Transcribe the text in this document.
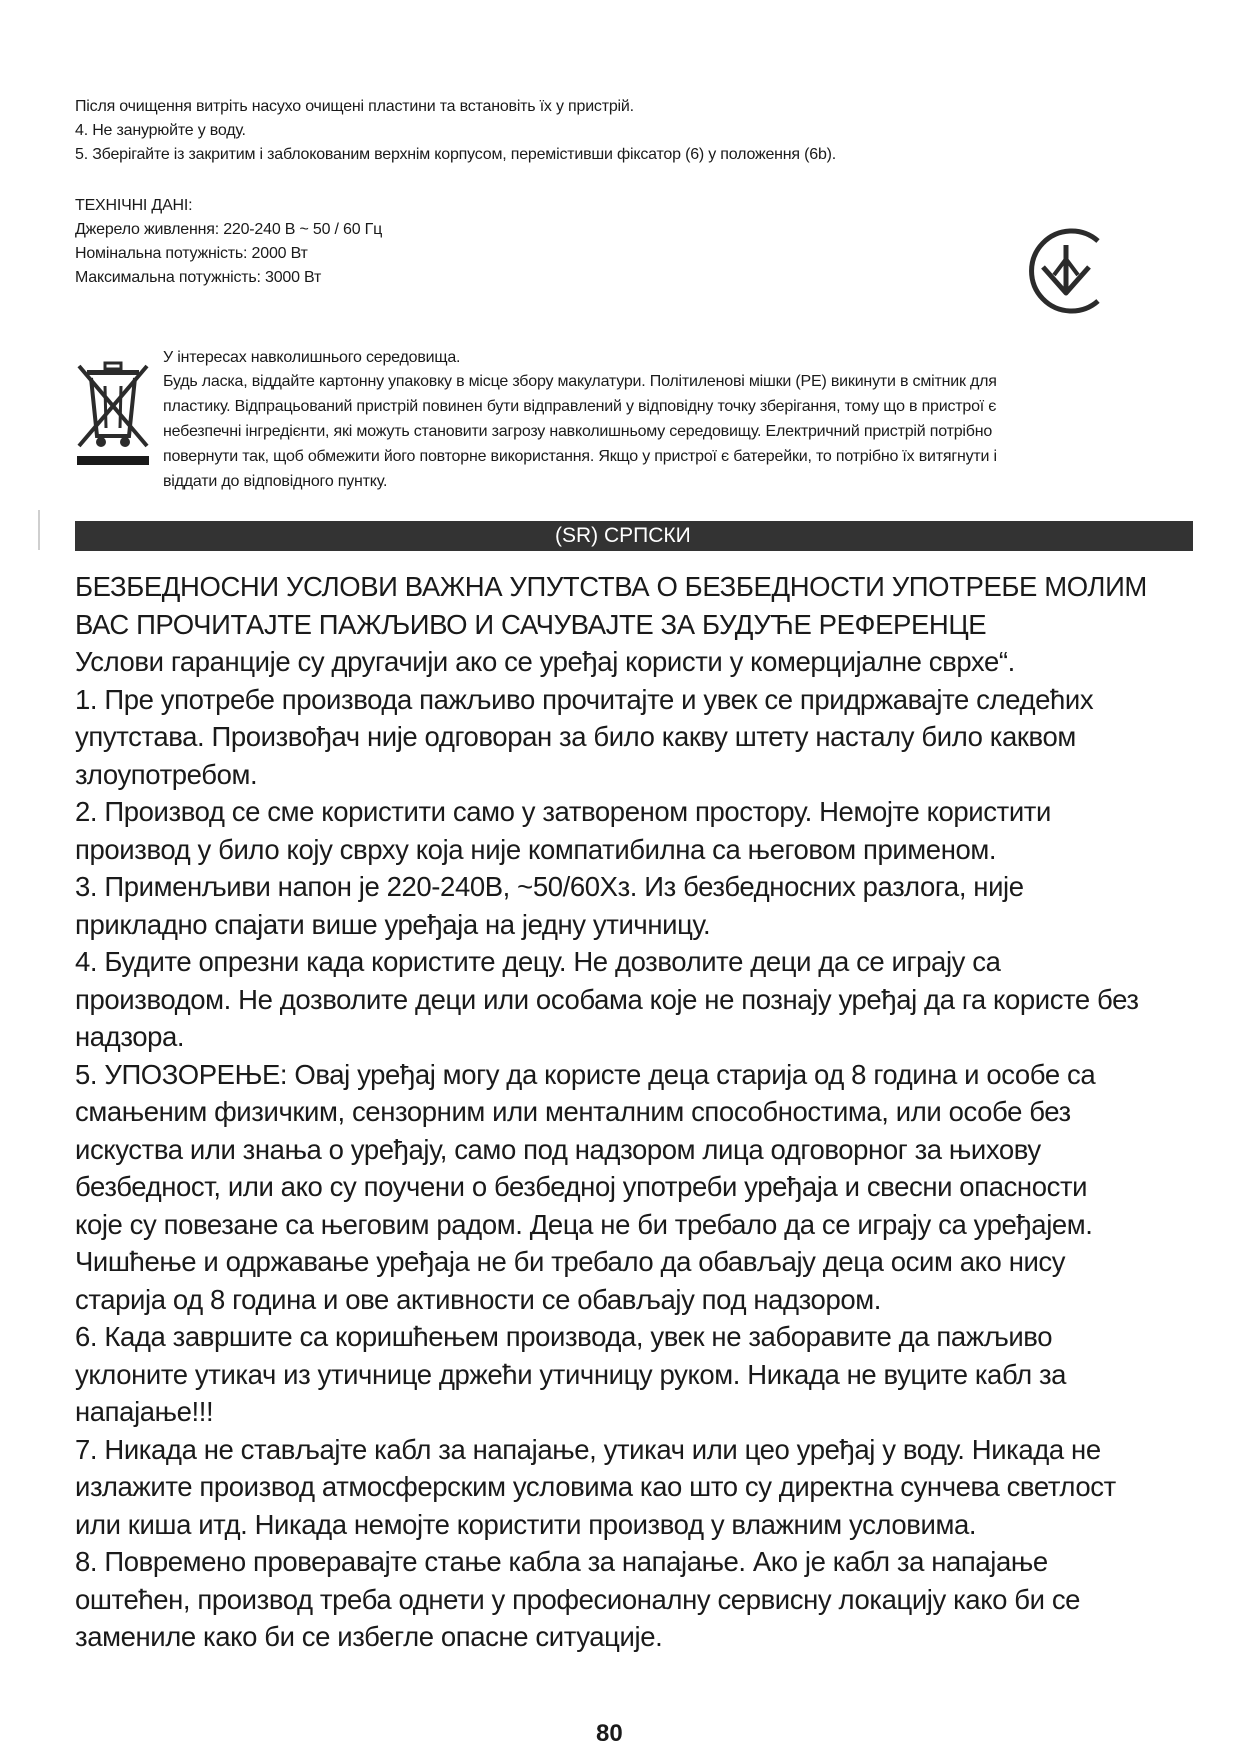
Після очищення витріть насухо очищені пластини та встановіть їх у пристрій.
4. Не занурюйте у воду.
5. Зберігайте із закритим і заблокованим верхнім корпусом, перемістивши фіксатор (6) у положення (6b).
ТЕХНІЧНІ ДАНІ:
Джерело живлення: 220-240 В ~ 50 / 60 Гц
Номінальна потужність: 2000 Вт
Максимальна потужність: 3000 Вт
У інтересах навколишнього середовища.
Будь ласка, віддайте картонну упаковку в місце збору макулатури. Політиленові мішки (PE) викинути в смітник для
пластику. Відпрацьований пристрій повинен бути відправлений у відповідну точку зберігання, тому що в пристрої є
небезпечні інгредієнти, які можуть становити загрозу навколишньому середовищу. Електричний пристрій потрібно
повернути так, щоб обмежити його повторне використання. Якщо у пристрої є батерейки, то потрібно їх витягнути і
віддати до відповідного пунтку.
(SR) СРПСКИ
БЕЗБЕДНОСНИ УСЛОВИ ВАЖНА УПУТСТВА О БЕЗБЕДНОСТИ УПОТРЕБЕ МОЛИМ
ВАС ПРОЧИТАЈТЕ ПАЖЉИВО И САЧУВАЈТЕ ЗА БУДУЋЕ РЕФЕРЕНЦЕ
Услови гаранције су другачији ако се уређај користи у комерцијалне сврхе“.
1. Пре употребе производа пажљиво прочитајте и увек се придржавајте следећих
упутстава. Произвођач није одговоран за било какву штету насталу било каквом
злоупотребом.
2. Производ се сме користити само у затвореном простору. Немојте користити
производ у било коју сврху која није компатибилна са његовом применом.
3. Применљиви напон је 220-240В, ~50/60Хз. Из безбедносних разлога, није
прикладно спајати више уређаја на једну утичницу.
4. Будите опрезни када користите децу. Не дозволите деци да се играју са
производом. Не дозволите деци или особама које не познају уређај да га користе без
надзора.
5. УПОЗОРЕЊЕ: Овај уређај могу да користе деца старија од 8 година и особе са
смањеним физичким, сензорним или менталним способностима, или особе без
искуства или знања о уређају, само под надзором лица одговорног за њихову
безбедност, или ако су поучени о безбедној употреби уређаја и свесни опасности
које су повезане са његовим радом. Деца не би требало да се играју са уређајем.
Чишћење и одржавање уређаја не би требало да обављају деца осим ако нису
старија од 8 година и ове активности се обављају под надзором.
6. Када завршите са коришћењем производа, увек не заборавите да пажљиво
уклоните утикач из утичнице држећи утичницу руком. Никада не вуците кабл за
напајање!!!
7. Никада не стављајте кабл за напајање, утикач или цео уређај у воду. Никада не
излажите производ атмосферским условима као што су директна сунчева светлост
или киша итд. Никада немојте користити производ у влажним условима.
8. Повремено проверавајте стање кабла за напајање. Ако је кабл за напајање
оштећен, производ треба однети у професионалну сервисну локацију како би се
замениле како би се избегле опасне ситуације.
80
